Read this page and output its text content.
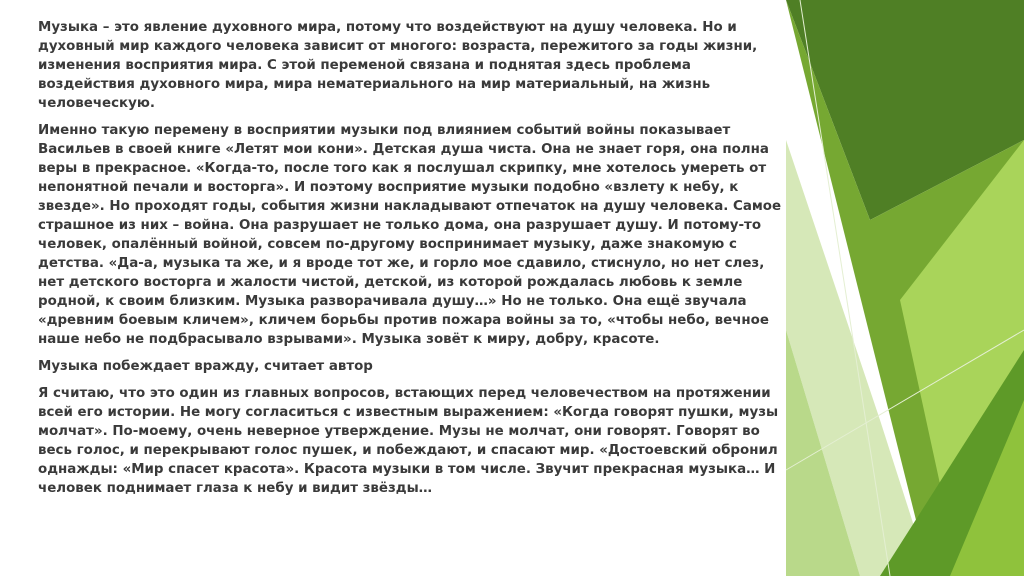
Музыка – это явление духовного мира, потому что воздействуют на душу человека. Но и духовный мир каждого человека зависит от многого: возраста, пережитого за годы жизни, изменения восприятия мира. С этой переменой связана и поднятая здесь проблема воздействия духовного мира, мира нематериального на мир материальный, на жизнь человеческую.

Именно такую перемену в восприятии музыки под влиянием событий войны показывает Васильев в своей книге «Летят мои кони». Детская душа чиста. Она не знает горя, она полна веры в прекрасное. «Когда-то, после того как я послушал скрипку, мне хотелось умереть от непонятной печали и восторга». И поэтому восприятие музыки подобно «взлету к небу, к звезде». Но проходят годы, события жизни накладывают отпечаток на душу человека. Самое страшное из них – война. Она разрушает не только дома, она разрушает душу. И потому-то человек, опалённый войной, совсем по-другому воспринимает музыку, даже знакомую с детства. «Да-а, музыка та же, и я вроде тот же, и горло мое сдавило, стиснуло, но нет слез, нет детского восторга и жалости чистой, детской, из которой рождалась любовь к земле родной, к своим близким. Музыка разворачивала душу…» Но не только. Она ещё звучала «древним боевым кличем», кличем борьбы против пожара войны за то, «чтобы небо, вечное наше небо не подбрасывало взрывами». Музыка зовёт к миру, добру, красоте.

Музыка побеждает вражду, считает автор

Я считаю, что это один из главных вопросов, встающих перед человечеством на протяжении всей его истории. Не могу согласиться с известным выражением: «Когда говорят пушки, музы молчат». По-моему, очень неверное утверждение. Музы не молчат, они говорят. Говорят во весь голос, и перекрывают голос пушек, и побеждают, и спасают мир. «Достоевский обронил однажды: «Мир спасет красота». Красота музыки в том числе. Звучит прекрасная музыка… И человек поднимает глаза к небу и видит звёзды…
